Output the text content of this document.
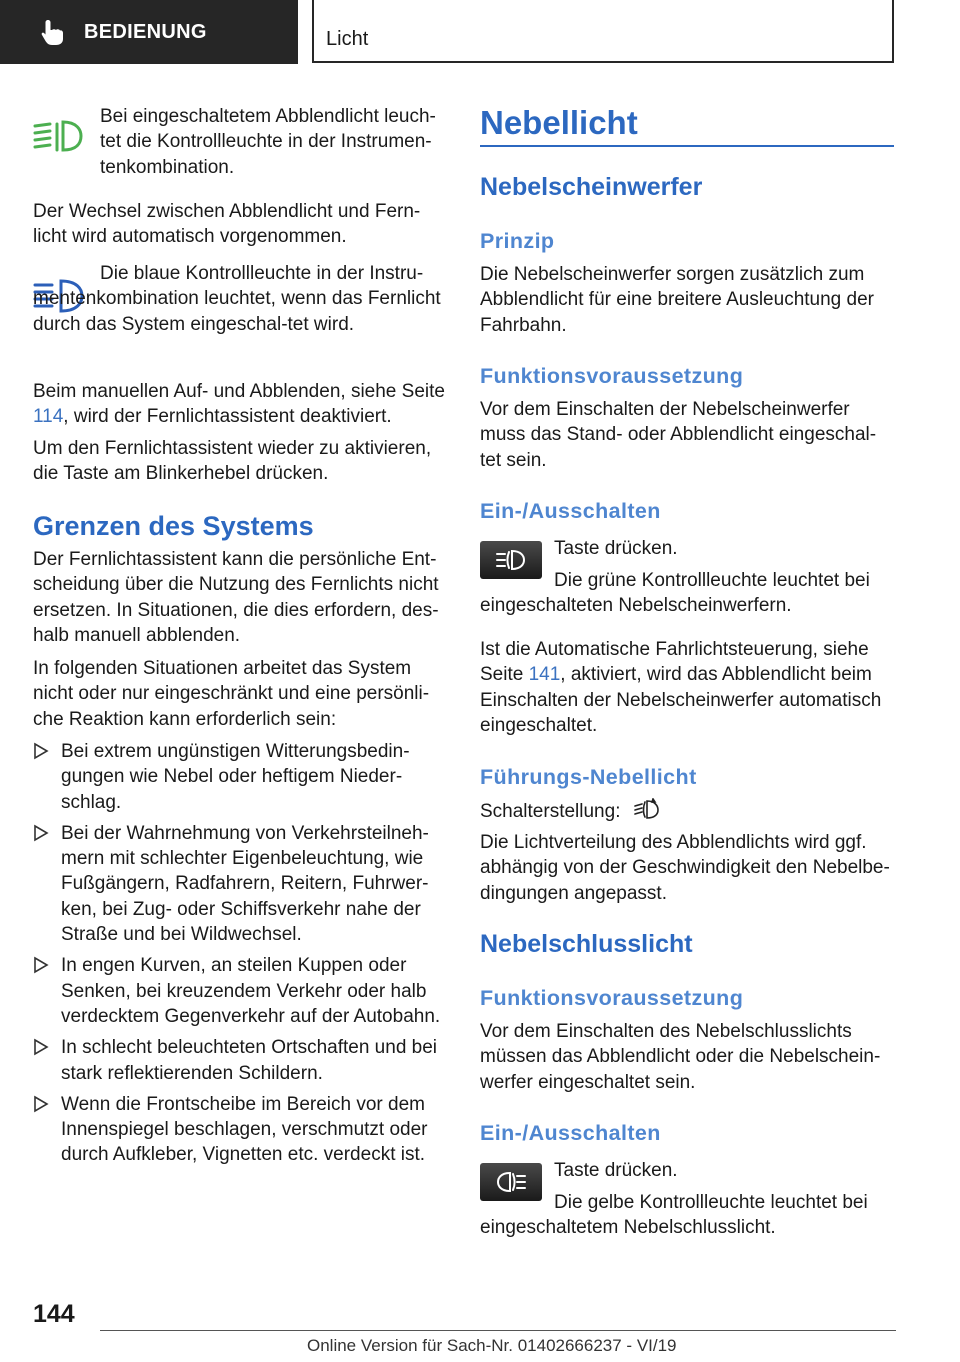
BEDIENUNG	Licht

Bei eingeschaltetem Abblendlicht leuch-tet die Kontrollleuchte in der Instrumen-tenkombination.

Der Wechsel zwischen Abblendlicht und Fern-licht wird automatisch vorgenommen.

Die blaue Kontrollleuchte in der Instru-mentenkombination leuchtet, wenn das Fernlicht durch das System eingeschal-tet wird.

Beim manuellen Auf- und Abblenden, siehe Seite 114, wird der Fernlichtassistent deaktiviert.

Um den Fernlichtassistent wieder zu aktivieren, die Taste am Blinkerhebel drücken.

Grenzen des Systems

Der Fernlichtassistent kann die persönliche Ent-scheidung über die Nutzung des Fernlichts nicht ersetzen. In Situationen, die dies erfordern, des-halb manuell abblenden.

In folgenden Situationen arbeitet das System nicht oder nur eingeschränkt und eine persönli-che Reaktion kann erforderlich sein:

Bei extrem ungünstigen Witterungsbedin-gungen wie Nebel oder heftigem Nieder-schlag.

Bei der Wahrnehmung von Verkehrsteilneh-mern mit schlechter Eigenbeleuchtung, wie Fußgängern, Radfahrern, Reitern, Fuhrwer-ken, bei Zug- oder Schiffsverkehr nahe der Straße und bei Wildwechsel.

In engen Kurven, an steilen Kuppen oder Senken, bei kreuzendem Verkehr oder halb verdecktem Gegenverkehr auf der Autobahn.

In schlecht beleuchteten Ortschaften und bei stark reflektierenden Schildern.

Wenn die Frontscheibe im Bereich vor dem Innenspiegel beschlagen, verschmutzt oder durch Aufkleber, Vignetten etc. verdeckt ist.

Nebellicht
Nebelscheinwerfer
Prinzip

Die Nebelscheinwerfer sorgen zusätzlich zum Abblendlicht für eine breitere Ausleuchtung der Fahrbahn.

Funktionsvoraussetzung

Vor dem Einschalten der Nebelscheinwerfer muss das Stand- oder Abblendlicht eingeschal-tet sein.

Ein-/Ausschalten

Taste drücken.

Die grüne Kontrollleuchte leuchtet bei eingeschalteten Nebelscheinwerfern.

Ist die Automatische Fahrlichtsteuerung, siehe Seite 141, aktiviert, wird das Abblendlicht beim Einschalten der Nebelscheinwerfer automatisch eingeschaltet.

Führungs-Nebellicht

Schalterstellung:

Die Lichtverteilung des Abblendlichts wird ggf. abhängig von der Geschwindigkeit den Nebelbe-dingungen angepasst.

Nebelschlusslicht
Funktionsvoraussetzung

Vor dem Einschalten des Nebelschlusslichts müssen das Abblendlicht oder die Nebelschein-werfer eingeschaltet sein.

Ein-/Ausschalten

Taste drücken.

Die gelbe Kontrollleuchte leuchtet bei eingeschaltetem Nebelschlusslicht.

144
Online Version für Sach-Nr. 01402666237 - VI/19
